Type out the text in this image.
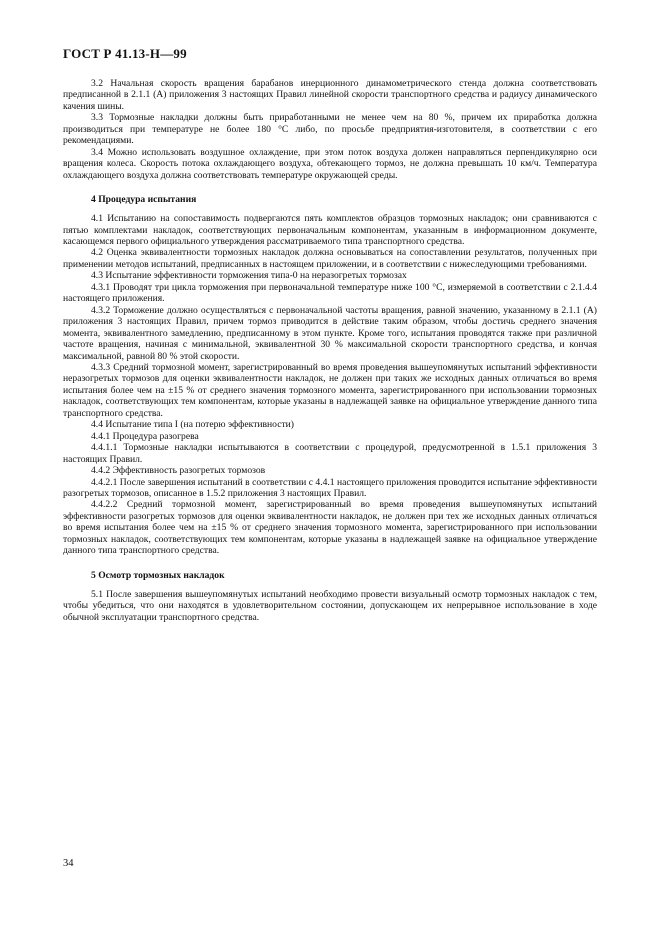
ГОСТ Р 41.13-Н—99

3.2 Начальная скорость вращения барабанов инерционного динамометрического стенда должна соответствовать предписанной в 2.1.1 (А) приложения 3 настоящих Правил линейной скорости транспортного средства и радиусу динамического качения шины.

3.3 Тормозные накладки должны быть приработанными не менее чем на 80 %, причем их приработка должна производиться при температуре не более 180 °С либо, по просьбе предприятия-изготовителя, в соответствии с его рекомендациями.

3.4 Можно использовать воздушное охлаждение, при этом поток воздуха должен направляться перпендикулярно оси вращения колеса. Скорость потока охлаждающего воздуха, обтекающего тормоз, не должна превышать 10 км/ч. Температура охлаждающего воздуха должна соответствовать температуре окружающей среды.

4 Процедура испытания

4.1 Испытанию на сопоставимость подвергаются пять комплектов образцов тормозных накладок; они сравниваются с пятью комплектами накладок, соответствующих первоначальным компонентам, указанным в информационном документе, касающемся первого официального утверждения рассматриваемого типа транспортного средства.

4.2 Оценка эквивалентности тормозных накладок должна основываться на сопоставлении результатов, полученных при применении методов испытаний, предписанных в настоящем приложении, и в соответствии с нижеследующими требованиями.

4.3 Испытание эффективности торможения типа-0 на неразогретых тормозах

4.3.1 Проводят три цикла торможения при первоначальной температуре ниже 100 °С, измеряемой в соответствии с 2.1.4.4 настоящего приложения.

4.3.2 Торможение должно осуществляться с первоначальной частоты вращения, равной значению, указанному в 2.1.1 (А) приложения 3 настоящих Правил, причем тормоз приводится в действие таким образом, чтобы достичь среднего значения момента, эквивалентного замедлению, предписанному в этом пункте. Кроме того, испытания проводятся также при различной частоте вращения, начиная с минимальной, эквивалентной 30 % максимальной скорости транспортного средства, и кончая максимальной, равной 80 % этой скорости.

4.3.3 Средний тормозной момент, зарегистрированный во время проведения вышеупомянутых испытаний эффективности неразогретых тормозов для оценки эквивалентности накладок, не должен при таких же исходных данных отличаться во время испытания более чем на ±15 % от среднего значения тормозного момента, зарегистрированного при использовании тормозных накладок, соответствующих тем компонентам, которые указаны в надлежащей заявке на официальное утверждение данного типа транспортного средства.

4.4 Испытание типа I (на потерю эффективности)

4.4.1 Процедура разогрева

4.4.1.1 Тормозные накладки испытываются в соответствии с процедурой, предусмотренной в 1.5.1 приложения 3 настоящих Правил.

4.4.2 Эффективность разогретых тормозов

4.4.2.1 После завершения испытаний в соответствии с 4.4.1 настоящего приложения проводится испытание эффективности разогретых тормозов, описанное в 1.5.2 приложения 3 настоящих Правил.

4.4.2.2 Средний тормозной момент, зарегистрированный во время проведения вышеупомянутых испытаний эффективности разогретых тормозов для оценки эквивалентности накладок, не должен при тех же исходных данных отличаться во время испытания более чем на ±15 % от среднего значения тормозного момента, зарегистрированного при использовании тормозных накладок, соответствующих тем компонентам, которые указаны в надлежащей заявке на официальное утверждение данного типа транспортного средства.

5 Осмотр тормозных накладок

5.1 После завершения вышеупомянутых испытаний необходимо провести визуальный осмотр тормозных накладок с тем, чтобы убедиться, что они находятся в удовлетворительном состоянии, допускающем их непрерывное использование в ходе обычной эксплуатации транспортного средства.

34
